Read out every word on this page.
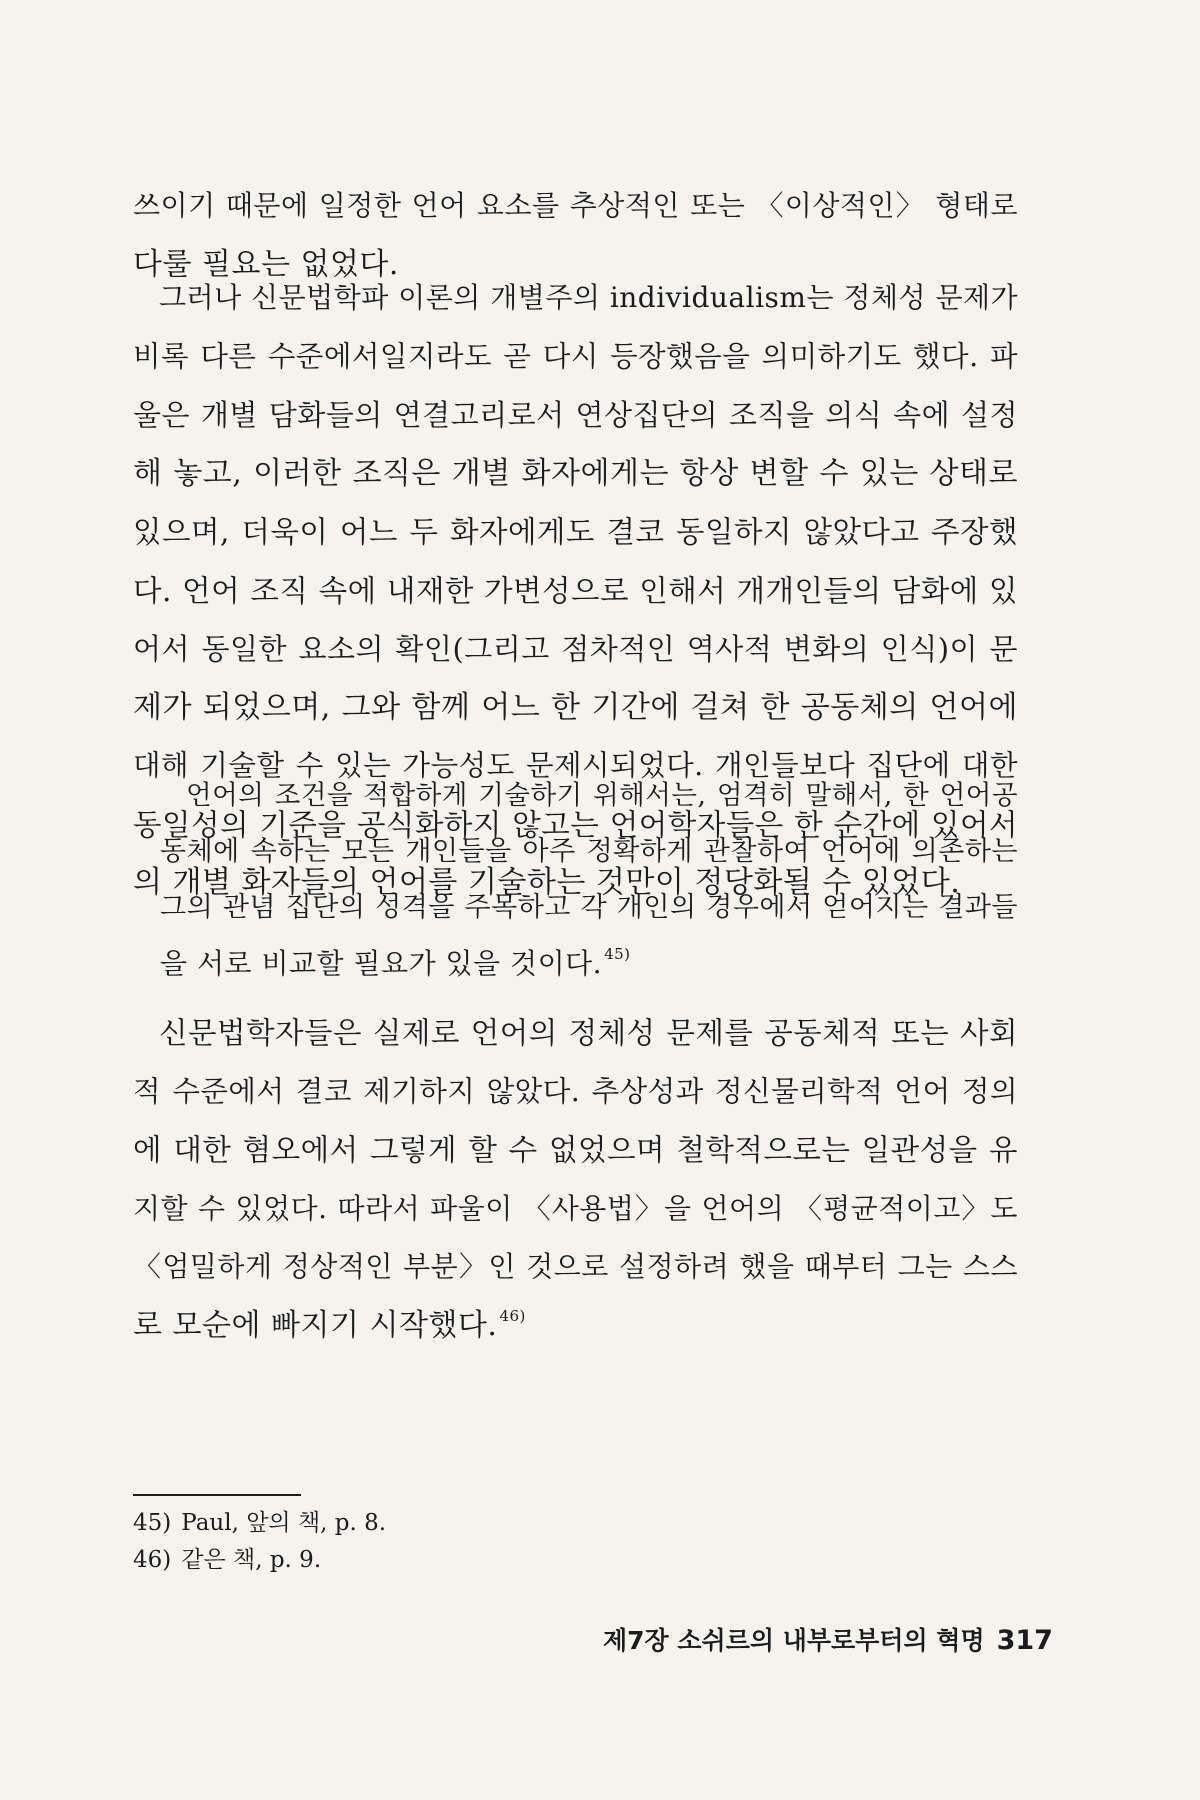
쓰이기 때문에 일정한 언어 요소를 추상적인 또는 〈이상적인〉 형태로
다룰 필요는 없었다.
그러나 신문법학파 이론의 개별주의 individualism는 정체성 문제가
비록 다른 수준에서일지라도 곧 다시 등장했음을 의미하기도 했다. 파
울은 개별 담화들의 연결고리로서 연상집단의 조직을 의식 속에 설정
해 놓고, 이러한 조직은 개별 화자에게는 항상 변할 수 있는 상태로
있으며, 더욱이 어느 두 화자에게도 결코 동일하지 않았다고 주장했
다. 언어 조직 속에 내재한 가변성으로 인해서 개개인들의 담화에 있
어서 동일한 요소의 확인(그리고 점차적인 역사적 변화의 인식)이 문
제가 되었으며, 그와 함께 어느 한 기간에 걸쳐 한 공동체의 언어에
대해 기술할 수 있는 가능성도 문제시되었다. 개인들보다 집단에 대한
동일성의 기준을 공식화하지 않고는 언어학자들은 한 순간에 있어서
의 개별 화자들의 언어를 기술하는 것만이 정당화될 수 있었다.
언어의 조건을 적합하게 기술하기 위해서는, 엄격히 말해서, 한 언어공
동체에 속하는 모든 개인들을 아주 정확하게 관찰하여 언어에 의존하는
그의 관념 집단의 성격을 주목하고 각 개인의 경우에서 얻어지는 결과들
을 서로 비교할 필요가 있을 것이다. $^{45)}$
신문법학자들은 실제로 언어의 정체성 문제를 공동체적 또는 사회
적 수준에서 결코 제기하지 않았다. 추상성과 정신물리학적 언어 정의
에 대한 혐오에서 그렇게 할 수 없었으며 철학적으로는 일관성을 유
지할 수 있었다. 따라서 파울이 〈사용법〉을 언어의 〈평균적이고〉도
〈엄밀하게 정상적인 부분〉인 것으로 설정하려 했을 때부터 그는 스스
로 모순에 빠지기 시작했다. $^{46)}$
45) Paul, 앞의 책, p. 8.
46) 같은 책, p. 9.
제7장 소쉬르의 내부로부터의 혁명 317
